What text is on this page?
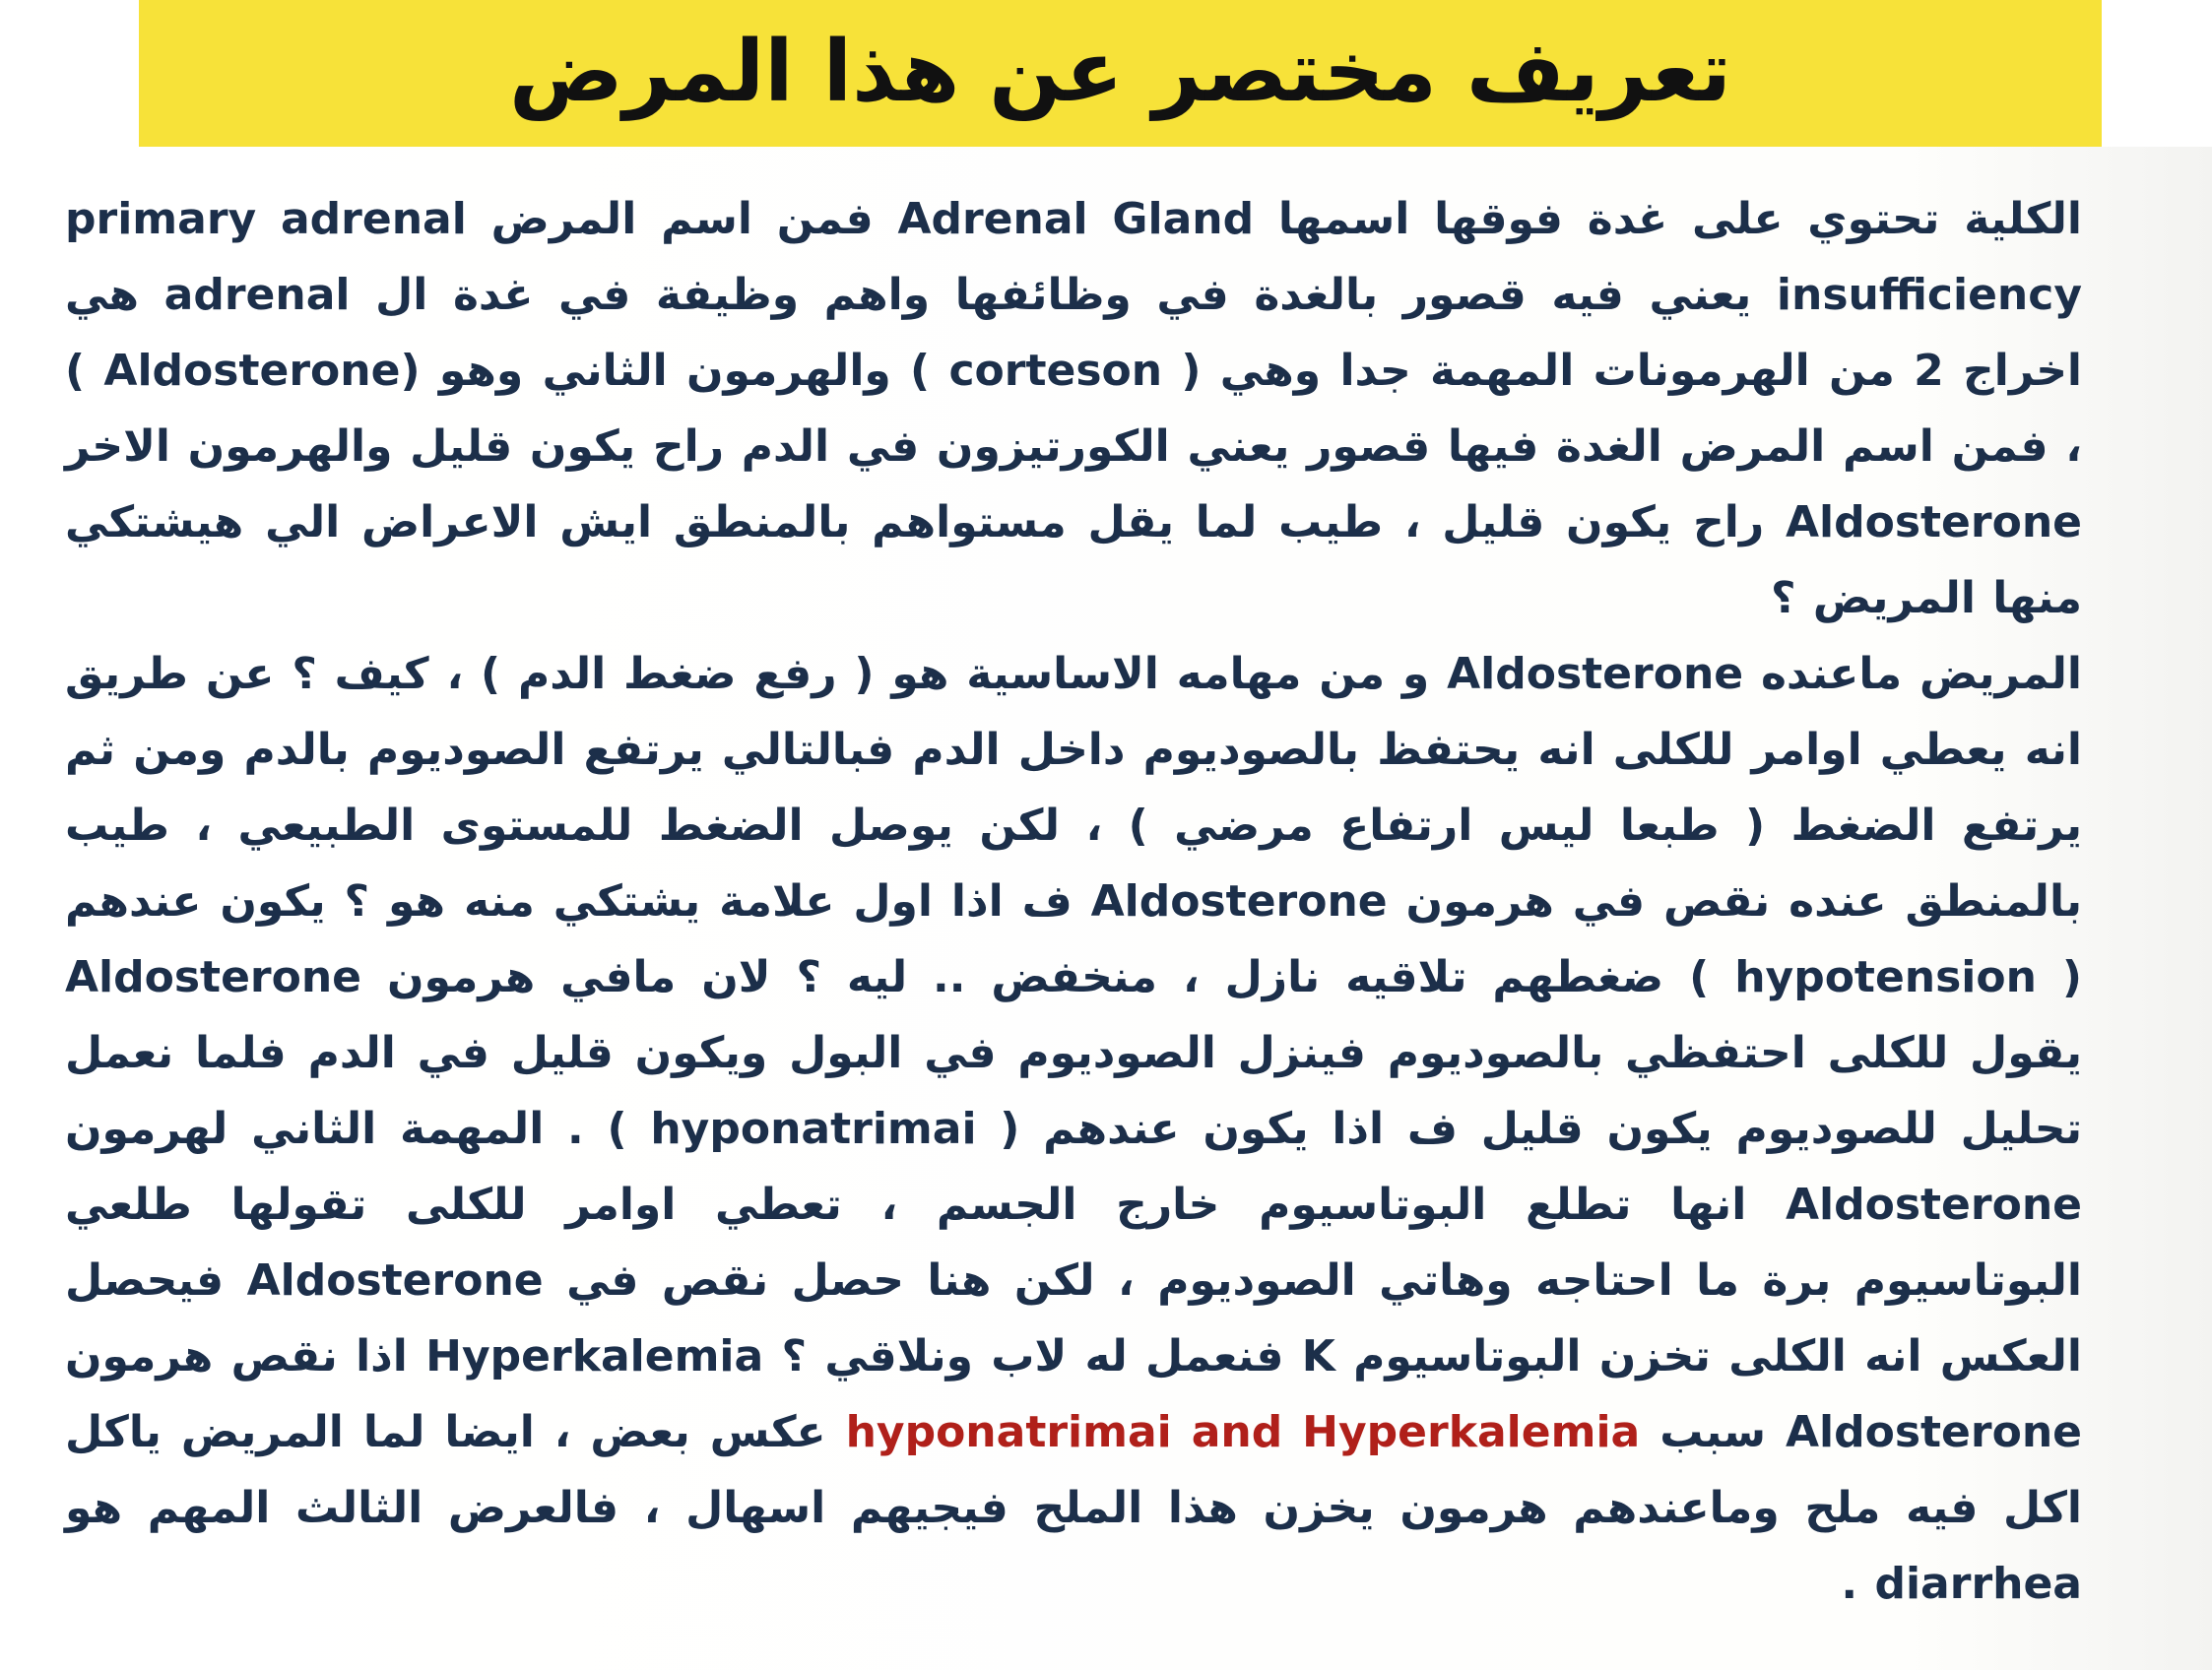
تعريف مختصر عن هذا المرض

الكلية تحتوي على غدة فوقها اسمها Adrenal Gland فمن اسم المرض primary adrenal insufficiency يعني فيه قصور بالغدة في وظائفها واهم وظيفة في غدة ال adrenal هي اخراج 2 من الهرمونات المهمة جدا وهي ( corteson ) والهرمون الثاني وهو (Aldosterone ) ، فمن اسم المرض الغدة فيها قصور يعني الكورتيزون في الدم راح يكون قليل والهرمون الاخر Aldosterone راح يكون قليل ، طيب لما يقل مستواهم بالمنطق ايش الاعراض الي هيشتكي منها المريض ؟

المريض ماعنده Aldosterone و من مهامه الاساسية هو ( رفع ضغط الدم ) ، كيف ؟ عن طريق انه يعطي اوامر للكلى انه يحتفظ بالصوديوم داخل الدم فبالتالي يرتفع الصوديوم بالدم ومن ثم يرتفع الضغط ( طبعا ليس ارتفاع مرضي ) ، لكن يوصل الضغط للمستوى الطبيعي ، طيب بالمنطق عنده نقص في هرمون Aldosterone ف اذا اول علامة يشتكي منه هو ؟ يكون عندهم ( hypotension ) ضغطهم تلاقيه نازل ، منخفض .. ليه ؟ لان مافي هرمون Aldosterone يقول للكلى احتفظي بالصوديوم فينزل الصوديوم في البول ويكون قليل في الدم فلما نعمل تحليل للصوديوم يكون قليل ف اذا يكون عندهم ( hyponatrimai ) . المهمة الثاني لهرمون Aldosterone انها تطلع البوتاسيوم خارج الجسم ، تعطي اوامر للكلى تقولها طلعي البوتاسيوم برة ما احتاجه وهاتي الصوديوم ، لكن هنا حصل نقص في Aldosterone فيحصل العكس انه الكلى تخزن البوتاسيوم K فنعمل له لاب ونلاقي ؟ Hyperkalemia اذا نقص هرمون Aldosterone سبب hyponatrimai and Hyperkalemia عكس بعض ، ايضا لما المريض ياكل اكل فيه ملح وماعندهم هرمون يخزن هذا الملح فيجيهم اسهال ، فالعرض الثالث المهم هو diarrhea .
